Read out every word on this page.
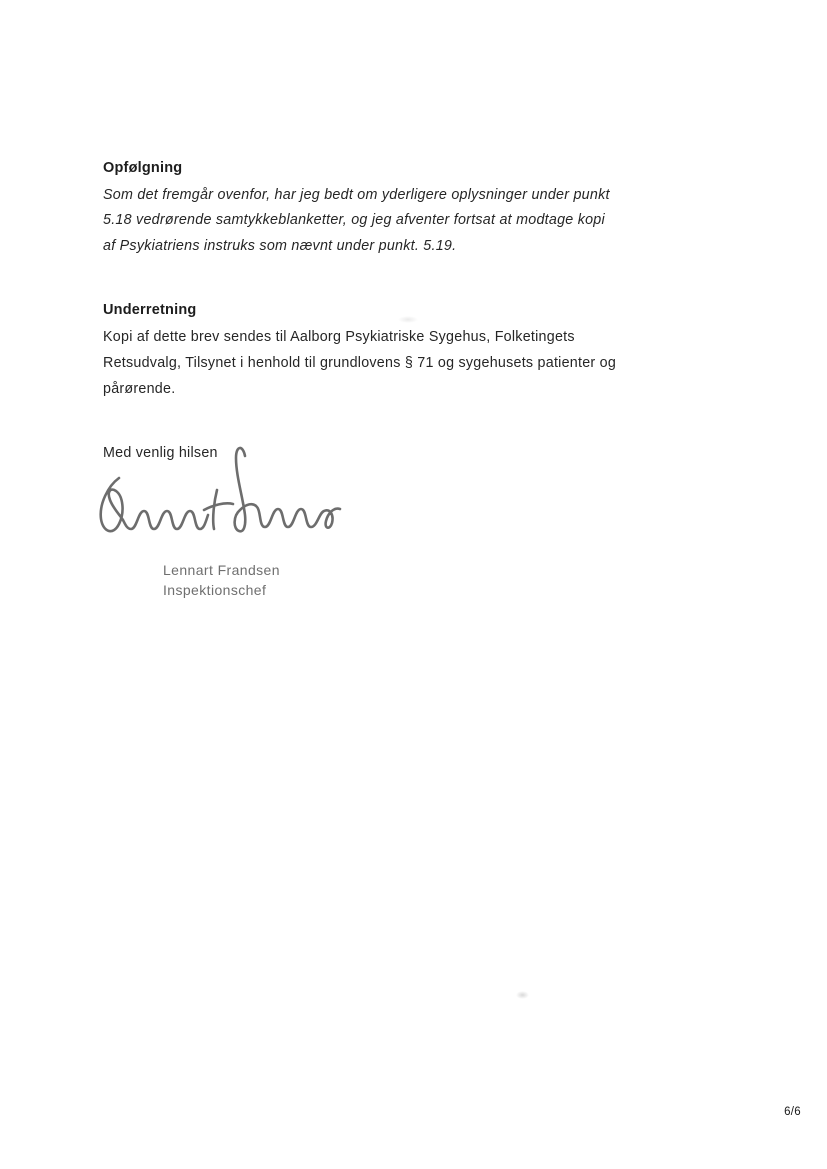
Opfølgning
Som det fremgår ovenfor, har jeg bedt om yderligere oplysninger under punkt
5.18 vedrørende samtykkeblanketter, og jeg afventer fortsat at modtage kopi
af Psykiatriens instruks som nævnt under punkt. 5.19.
Underretning
Kopi af dette brev sendes til Aalborg Psykiatriske Sygehus, Folketingets
Retsudvalg, Tilsynet i henhold til grundlovens § 71 og sygehusets patienter og
pårørende.
Med venlig hilsen
Lennart Frandsen
Inspektionschef
6/6
